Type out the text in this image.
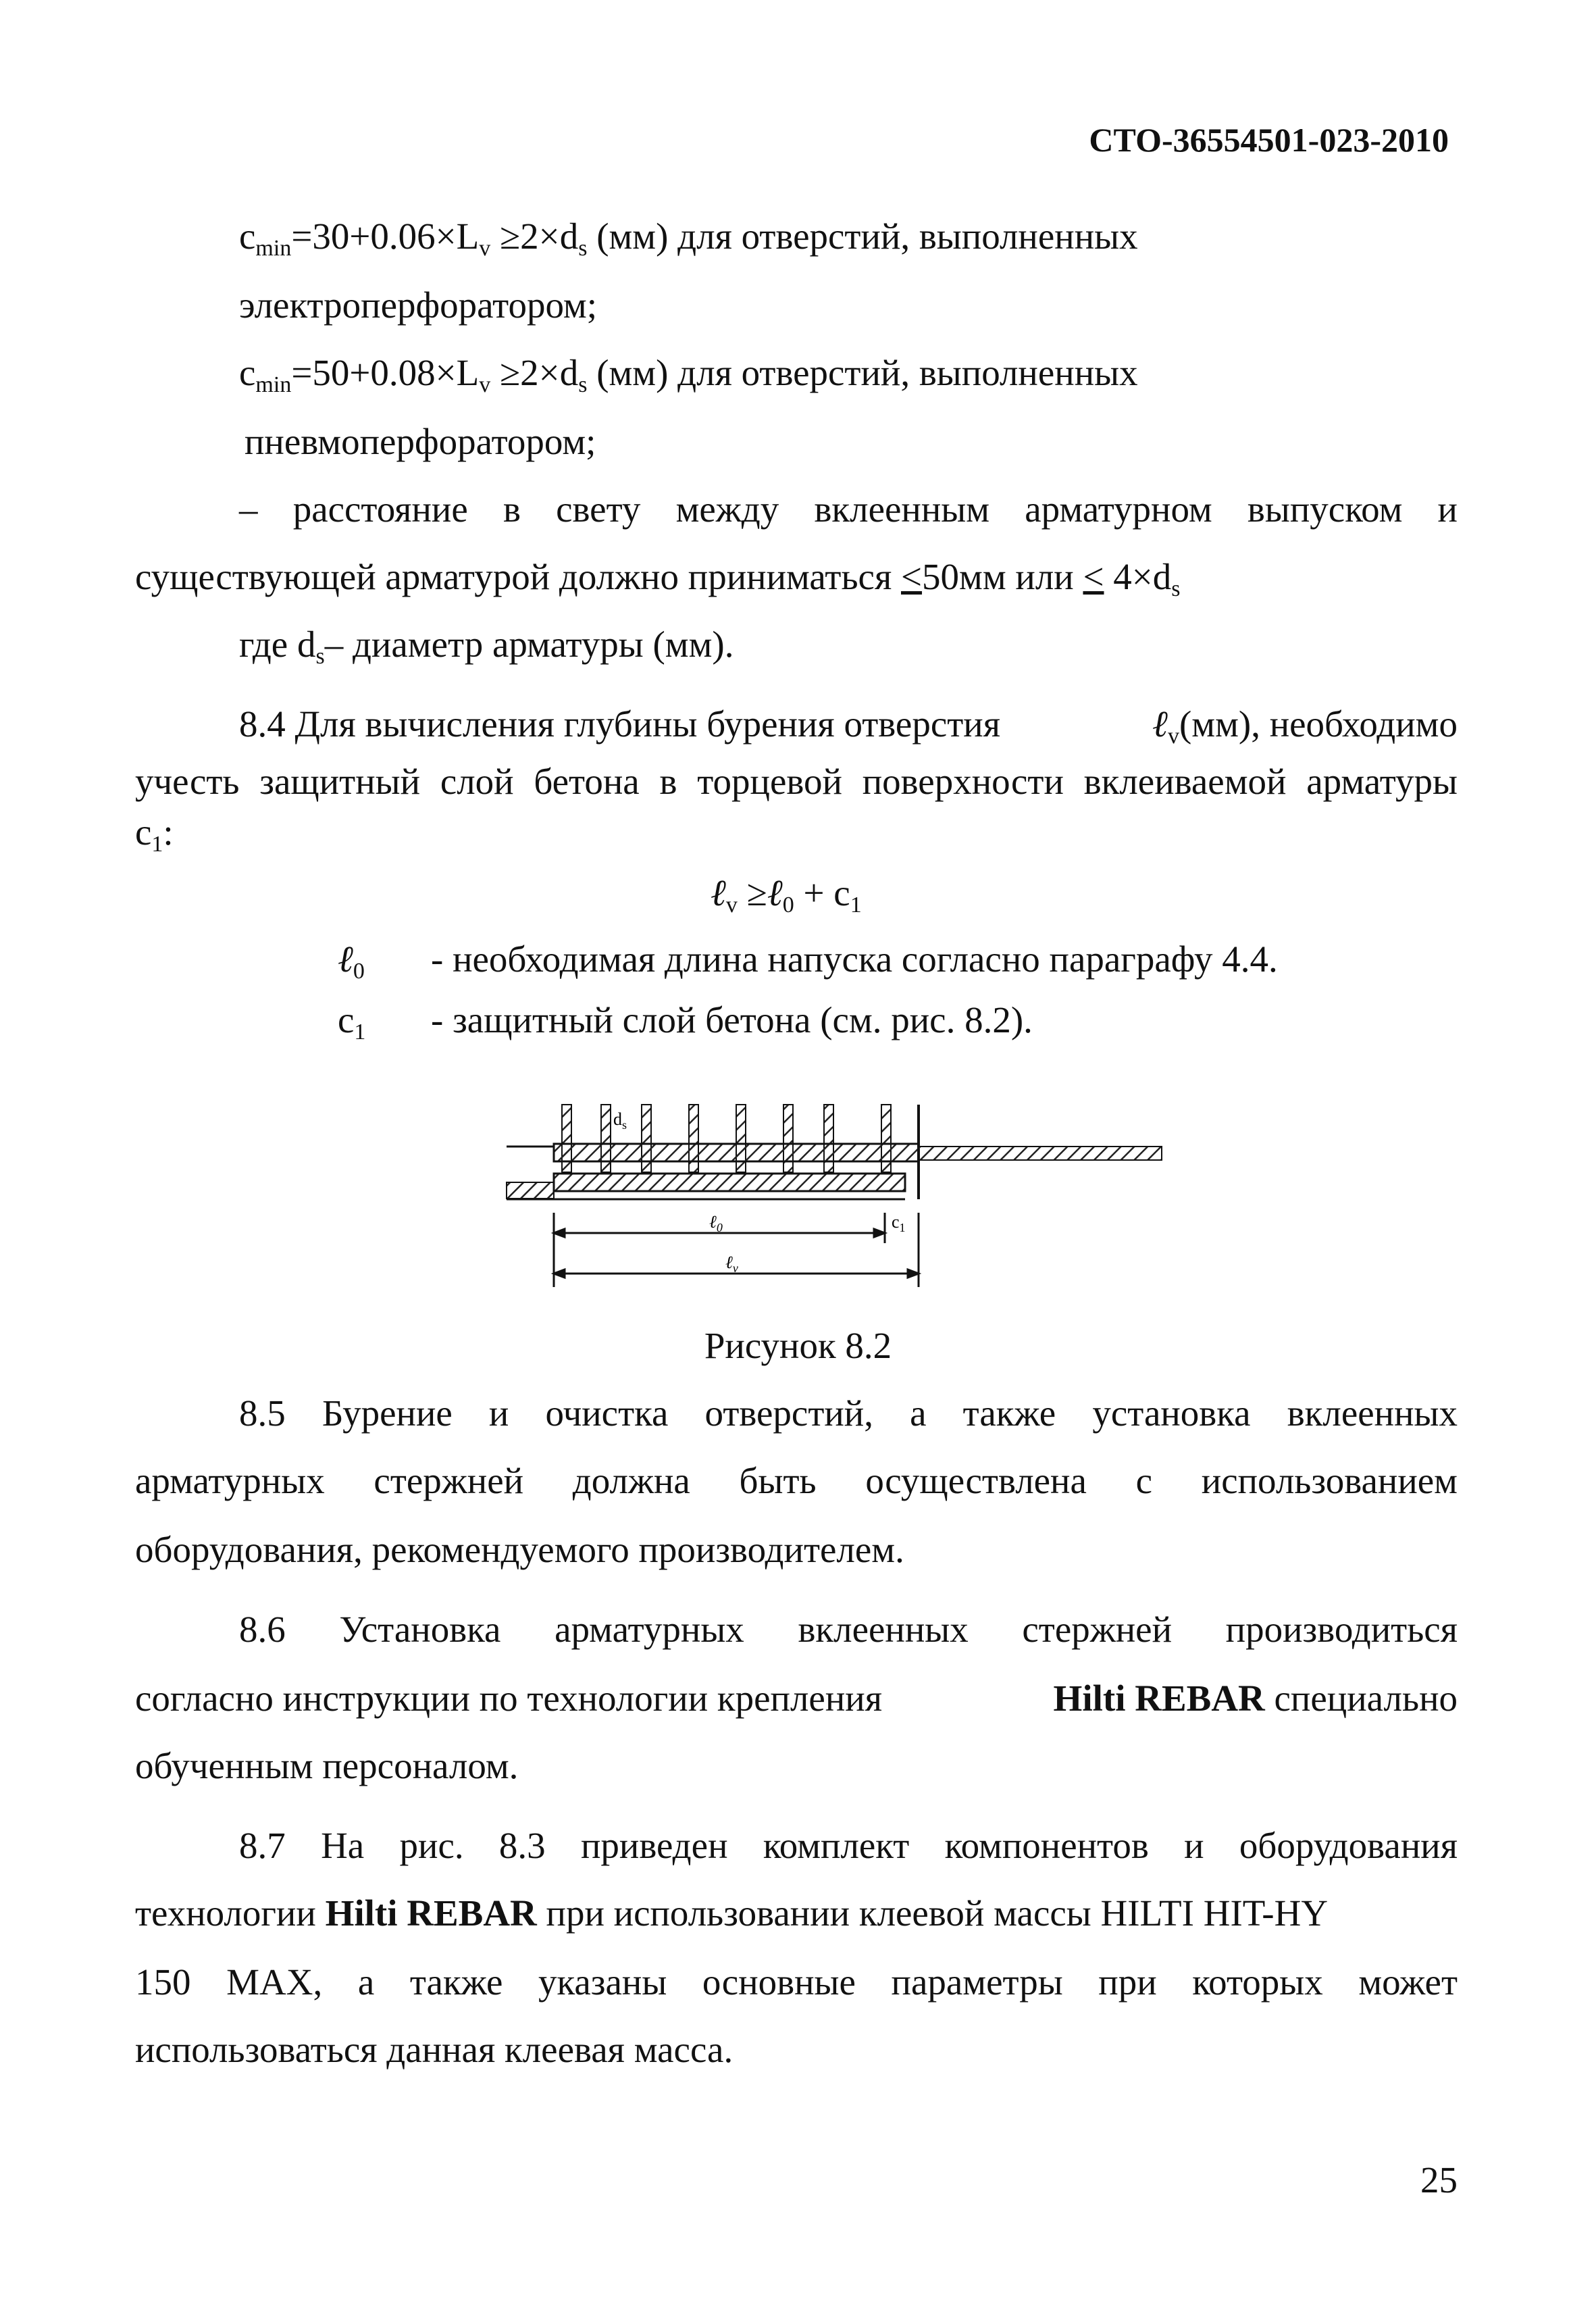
СТО-36554501-023-2010
$c_{min}=30+0.06\times L_v \ge 2\times d_s$ (мм) для отверстий, выполненных
электроперфоратором;
$c_{min}=50+0.08\times L_v \ge 2\times d_s$ (мм) для отверстий, выполненных
пневмоперфоратором;
– расстояние в свету между вклеенным арматурном выпуском и
существующей арматурой должно приниматься <50мм или < $4\times d_s$
где $d_s-$ диаметр арматуры (мм).
8.4 Для вычисления глубины бурения отверстия	ℓ$_v$(мм), необходимо
учесть защитный слой бетона в торцевой поверхности вклеиваемой арматуры
$c_1$:
ℓ$_v$ ≥ℓ$_0$ + $c_1$
ℓ$_0$ - необходимая длина напуска согласно параграфу 4.4.
$c_1$ - защитный слой бетона (см. рис. 8.2).
$d_s$
ℓ$_0$
ℓ$_v$
$c_1$
Рисунок 8.2
8.5 Бурение и очистка отверстий, а также установка вклеенных
арматурных стержней должна быть осуществлена с использованием
оборудования, рекомендуемого производителем.
8.6 Установка арматурных вклеенных стержней производиться
согласно инструкции по технологии крепления	Hilti REBAR специально
обученным персоналом.
8.7 На рис. 8.3 приведен комплект компонентов и оборудования
технологии Hilti REBAR при использовании клеевой массы HILTI HIT-HY
150 MAX, а также указаны основные параметры при которых может
использоваться данная клеевая масса.
25
